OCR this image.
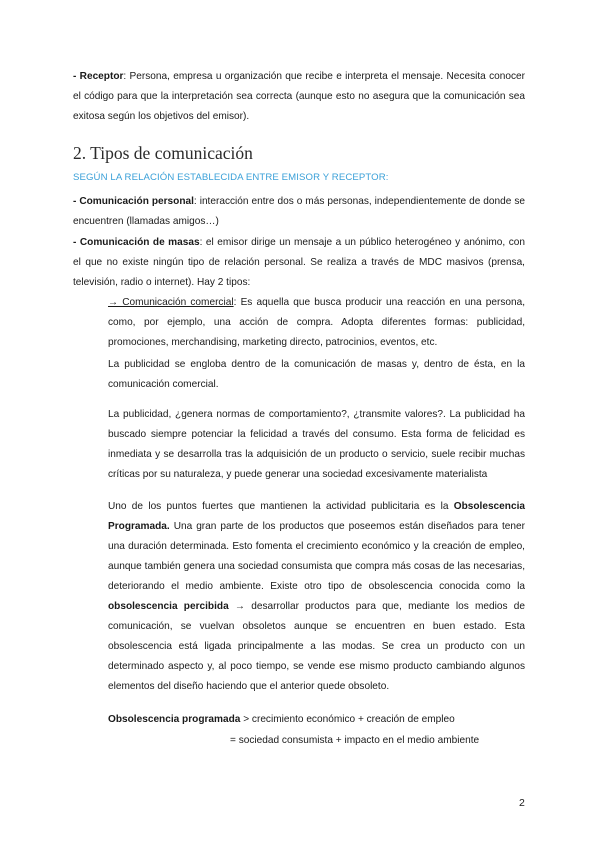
- Receptor: Persona, empresa u organización que recibe e interpreta el mensaje. Necesita conocer el código para que la interpretación sea correcta (aunque esto no asegura que la comunicación sea exitosa según los objetivos del emisor).

2. Tipos de comunicación
SEGÚN LA RELACIÓN ESTABLECIDA ENTRE EMISOR Y RECEPTOR:

- Comunicación personal: interacción entre dos o más personas, independientemente de donde se encuentren (llamadas amigos…)

- Comunicación de masas: el emisor dirige un mensaje a un público heterogéneo y anónimo, con el que no existe ningún tipo de relación personal. Se realiza a través de MDC masivos (prensa, televisión, radio o internet). Hay 2 tipos:

→ Comunicación comercial: Es aquella que busca producir una reacción en una persona, como, por ejemplo, una acción de compra. Adopta diferentes formas: publicidad, promociones, merchandising, marketing directo, patrocinios, eventos, etc.

La publicidad se engloba dentro de la comunicación de masas y, dentro de ésta, en la comunicación comercial.

La publicidad, ¿genera normas de comportamiento?, ¿transmite valores?. La publicidad ha buscado siempre potenciar la felicidad a través del consumo. Esta forma de felicidad es inmediata y se desarrolla tras la adquisición de un producto o servicio, suele recibir muchas críticas por su naturaleza, y puede generar una sociedad excesivamente materialista

Uno de los puntos fuertes que mantienen la actividad publicitaria es la Obsolescencia Programada. Una gran parte de los productos que poseemos están diseñados para tener una duración determinada. Esto fomenta el crecimiento económico y la creación de empleo, aunque también genera una sociedad consumista que compra más cosas de las necesarias, deteriorando el medio ambiente. Existe otro tipo de obsolescencia conocida como la obsolescencia percibida → desarrollar productos para que, mediante los medios de comunicación, se vuelvan obsoletos aunque se encuentren en buen estado. Esta obsolescencia está ligada principalmente a las modas. Se crea un producto con un determinado aspecto y, al poco tiempo, se vende ese mismo producto cambiando algunos elementos del diseño haciendo que el anterior quede obsoleto.

Obsolescencia programada > crecimiento económico + creación de empleo
= sociedad consumista + impacto en el medio ambiente
2
